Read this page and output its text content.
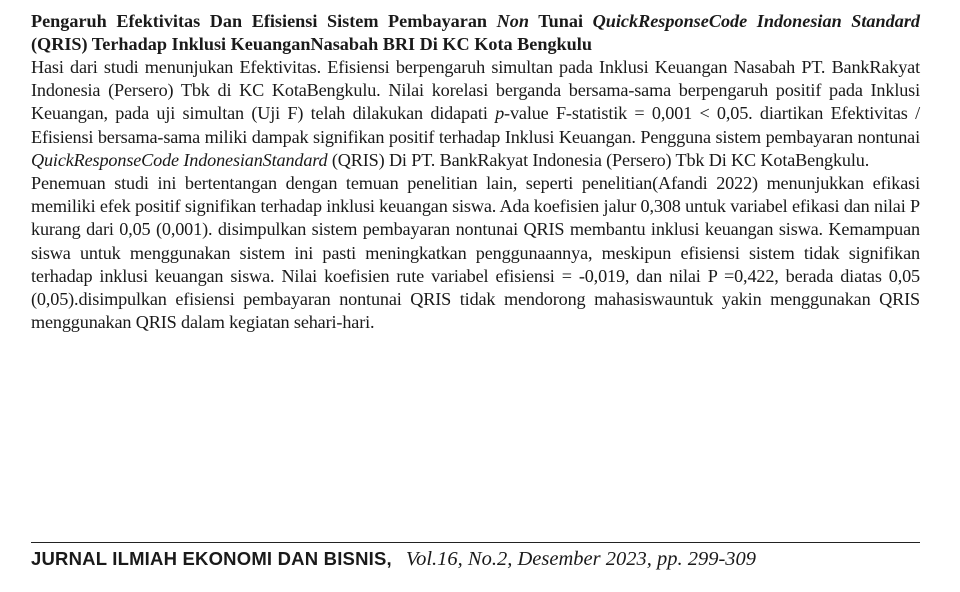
Pengaruh Efektivitas Dan Efisiensi Sistem Pembayaran Non Tunai QuickResponseCode Indonesian Standard (QRIS) Terhadap Inklusi KeuanganNasabah BRI Di KC Kota Bengkulu

Hasi dari studi menunjukan Efektivitas. Efisiensi berpengaruh simultan pada Inklusi Keuangan Nasabah PT. BankRakyat Indonesia (Persero) Tbk di KC KotaBengkulu. Nilai korelasi berganda bersama-sama berpengaruh positif pada Inklusi Keuangan, pada uji simultan (Uji F) telah dilakukan didapati p-value F-statistik = 0,001 < 0,05. diartikan Efektivitas / Efisiensi bersama-sama miliki dampak signifikan positif terhadap Inklusi Keuangan. Pengguna sistem pembayaran nontunai QuickResponseCode IndonesianStandard (QRIS) Di PT. BankRakyat Indonesia (Persero) Tbk Di KC KotaBengkulu.

Penemuan studi ini bertentangan dengan temuan penelitian lain, seperti penelitian(Afandi 2022) menunjukkan efikasi memiliki efek positif signifikan terhadap inklusi keuangan siswa. Ada koefisien jalur 0,308 untuk variabel efikasi dan nilai P kurang dari 0,05 (0,001). disimpulkan sistem pembayaran nontunai QRIS membantu inklusi keuangan siswa. Kemampuan siswa untuk menggunakan sistem ini pasti meningkatkan penggunaannya, meskipun efisiensi sistem tidak signifikan terhadap inklusi keuangan siswa. Nilai koefisien rute variabel efisiensi = -0,019, dan nilai P =0,422, berada diatas 0,05 (0,05).disimpulkan efisiensi pembayaran nontunai QRIS tidak mendorong mahasiswauntuk yakin menggunakan QRIS menggunakan QRIS dalam kegiatan sehari-hari.

JURNAL ILMIAH EKONOMI DAN BISNIS, Vol.16, No.2, Desember 2023, pp. 299-309
